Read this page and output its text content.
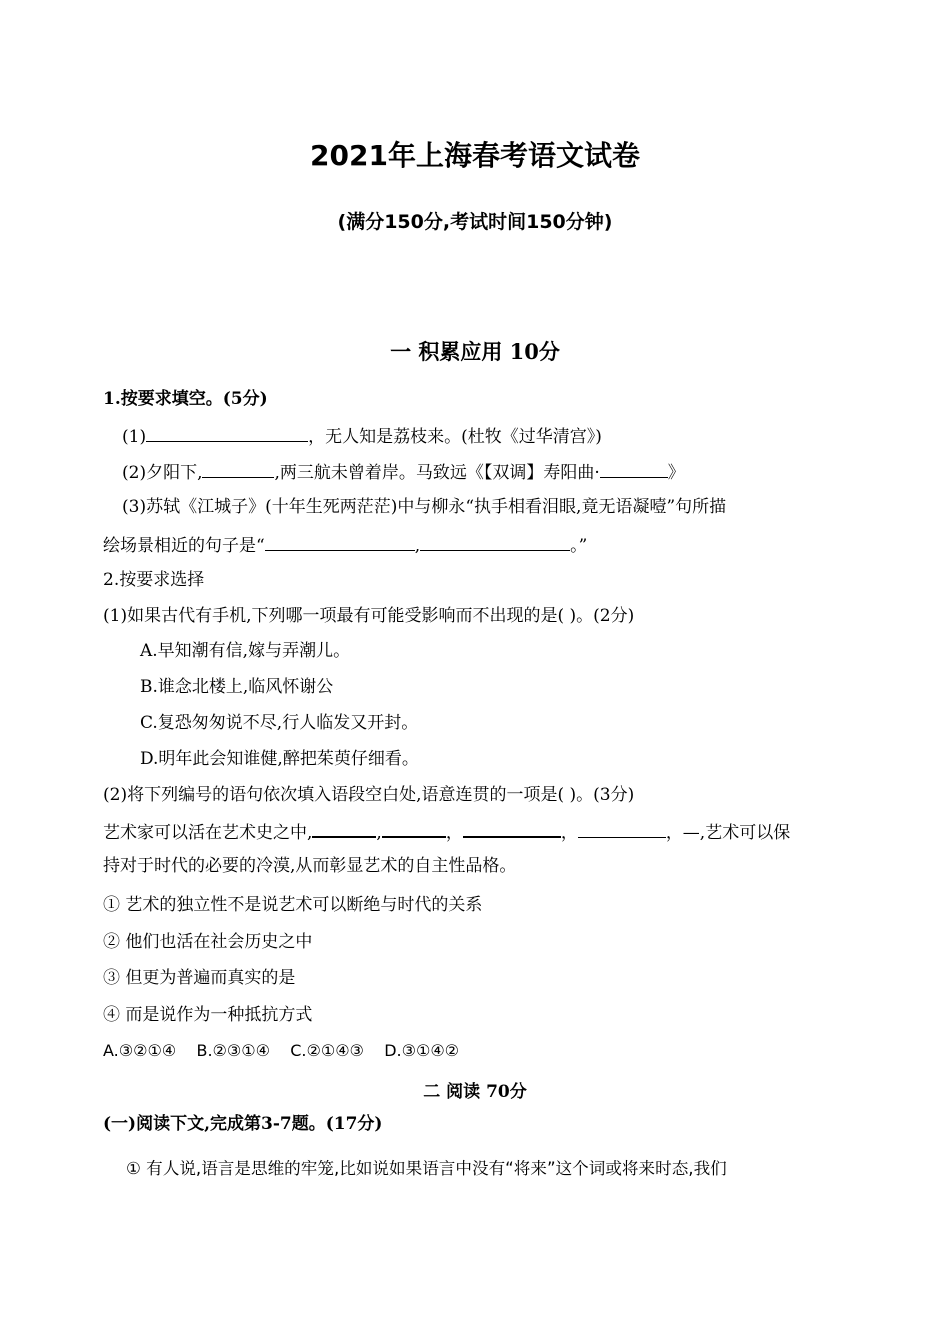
2021年上海春考语文试卷
(满分150分,考试时间150分钟)
一 积累应用 10分
1.按要求填空。(5分)
(1)	，无人知是荔枝来。(杜牧《过华清宫》)
(2)夕阳下,	,两三航未曾着岸。马致远《【双调】寿阳曲·	》
(3)苏轼《江城子》(十年生死两茫茫)中与柳永“执手相看泪眼,竟无语凝噎”句所描
绘场景相近的句子是“	,	。”
2.按要求选择
(1)如果古代有手机,下列哪一项最有可能受影响而不出现的是( )。(2分)
A.早知潮有信,嫁与弄潮儿。
B.谁念北楼上,临风怀谢公
C.复恐匆匆说不尽,行人临发又开封。
D.明年此会知谁健,醉把茱萸仔细看。
(2)将下列编号的语句依次填入语段空白处,语意连贯的一项是( )。(3分)
艺术家可以活在艺术史之中,	,	，	，	，—,艺术可以保
持对于时代的必要的冷漠,从而彰显艺术的自主性品格。
① 艺术的独立性不是说艺术可以断绝与时代的关系
② 他们也活在社会历史之中
③ 但更为普遍而真实的是
④ 而是说作为一种抵抗方式
A.③②①④    B.②③①④    C.②①④③    D.③①④②
二 阅读 70分
(一)阅读下文,完成第3-7题。(17分)
① 有人说,语言是思维的牢笼,比如说如果语言中没有“将来”这个词或将来时态,我们
